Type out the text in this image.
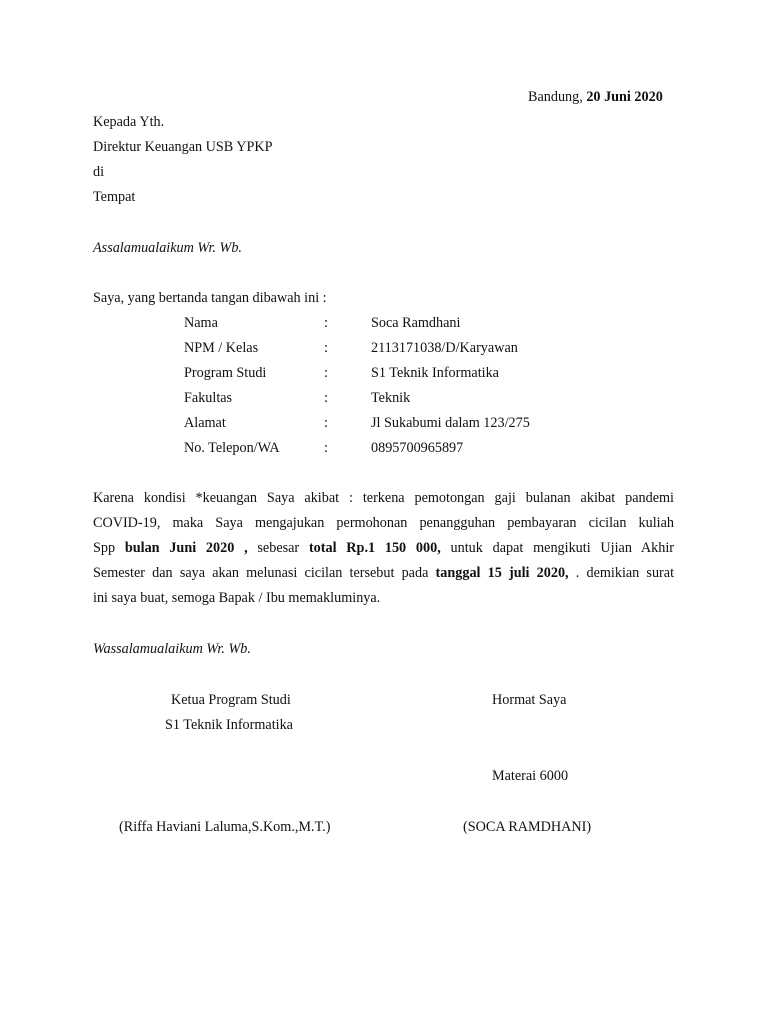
Bandung, 20 Juni 2020
Kepada Yth.
Direktur Keuangan USB YPKP
di
Tempat
Assalamualaikum Wr. Wb.
Saya, yang bertanda tangan dibawah ini :
Nama	:	Soca Ramdhani
NPM / Kelas	:	2113171038/D/Karyawan
Program Studi	:	S1 Teknik Informatika
Fakultas	:	Teknik
Alamat	:	Jl Sukabumi dalam 123/275
No. Telepon/WA	:	0895700965897
Karena kondisi *keuangan Saya akibat : terkena pemotongan gaji bulanan akibat pandemi
COVID-19, maka Saya mengajukan permohonan penangguhan pembayaran cicilan kuliah
Spp bulan Juni 2020 , sebesar total Rp.1 150 000, untuk dapat mengikuti Ujian Akhir
Semester dan saya akan melunasi cicilan tersebut pada tanggal 15 juli 2020, . demikian surat
ini saya buat, semoga Bapak / Ibu memakluminya.
Wassalamualaikum Wr. Wb.
Ketua Program Studi
S1 Teknik Informatika
(Riffa Haviani Laluma,S.Kom.,M.T.)
Hormat Saya
Materai 6000
(SOCA RAMDHANI)
